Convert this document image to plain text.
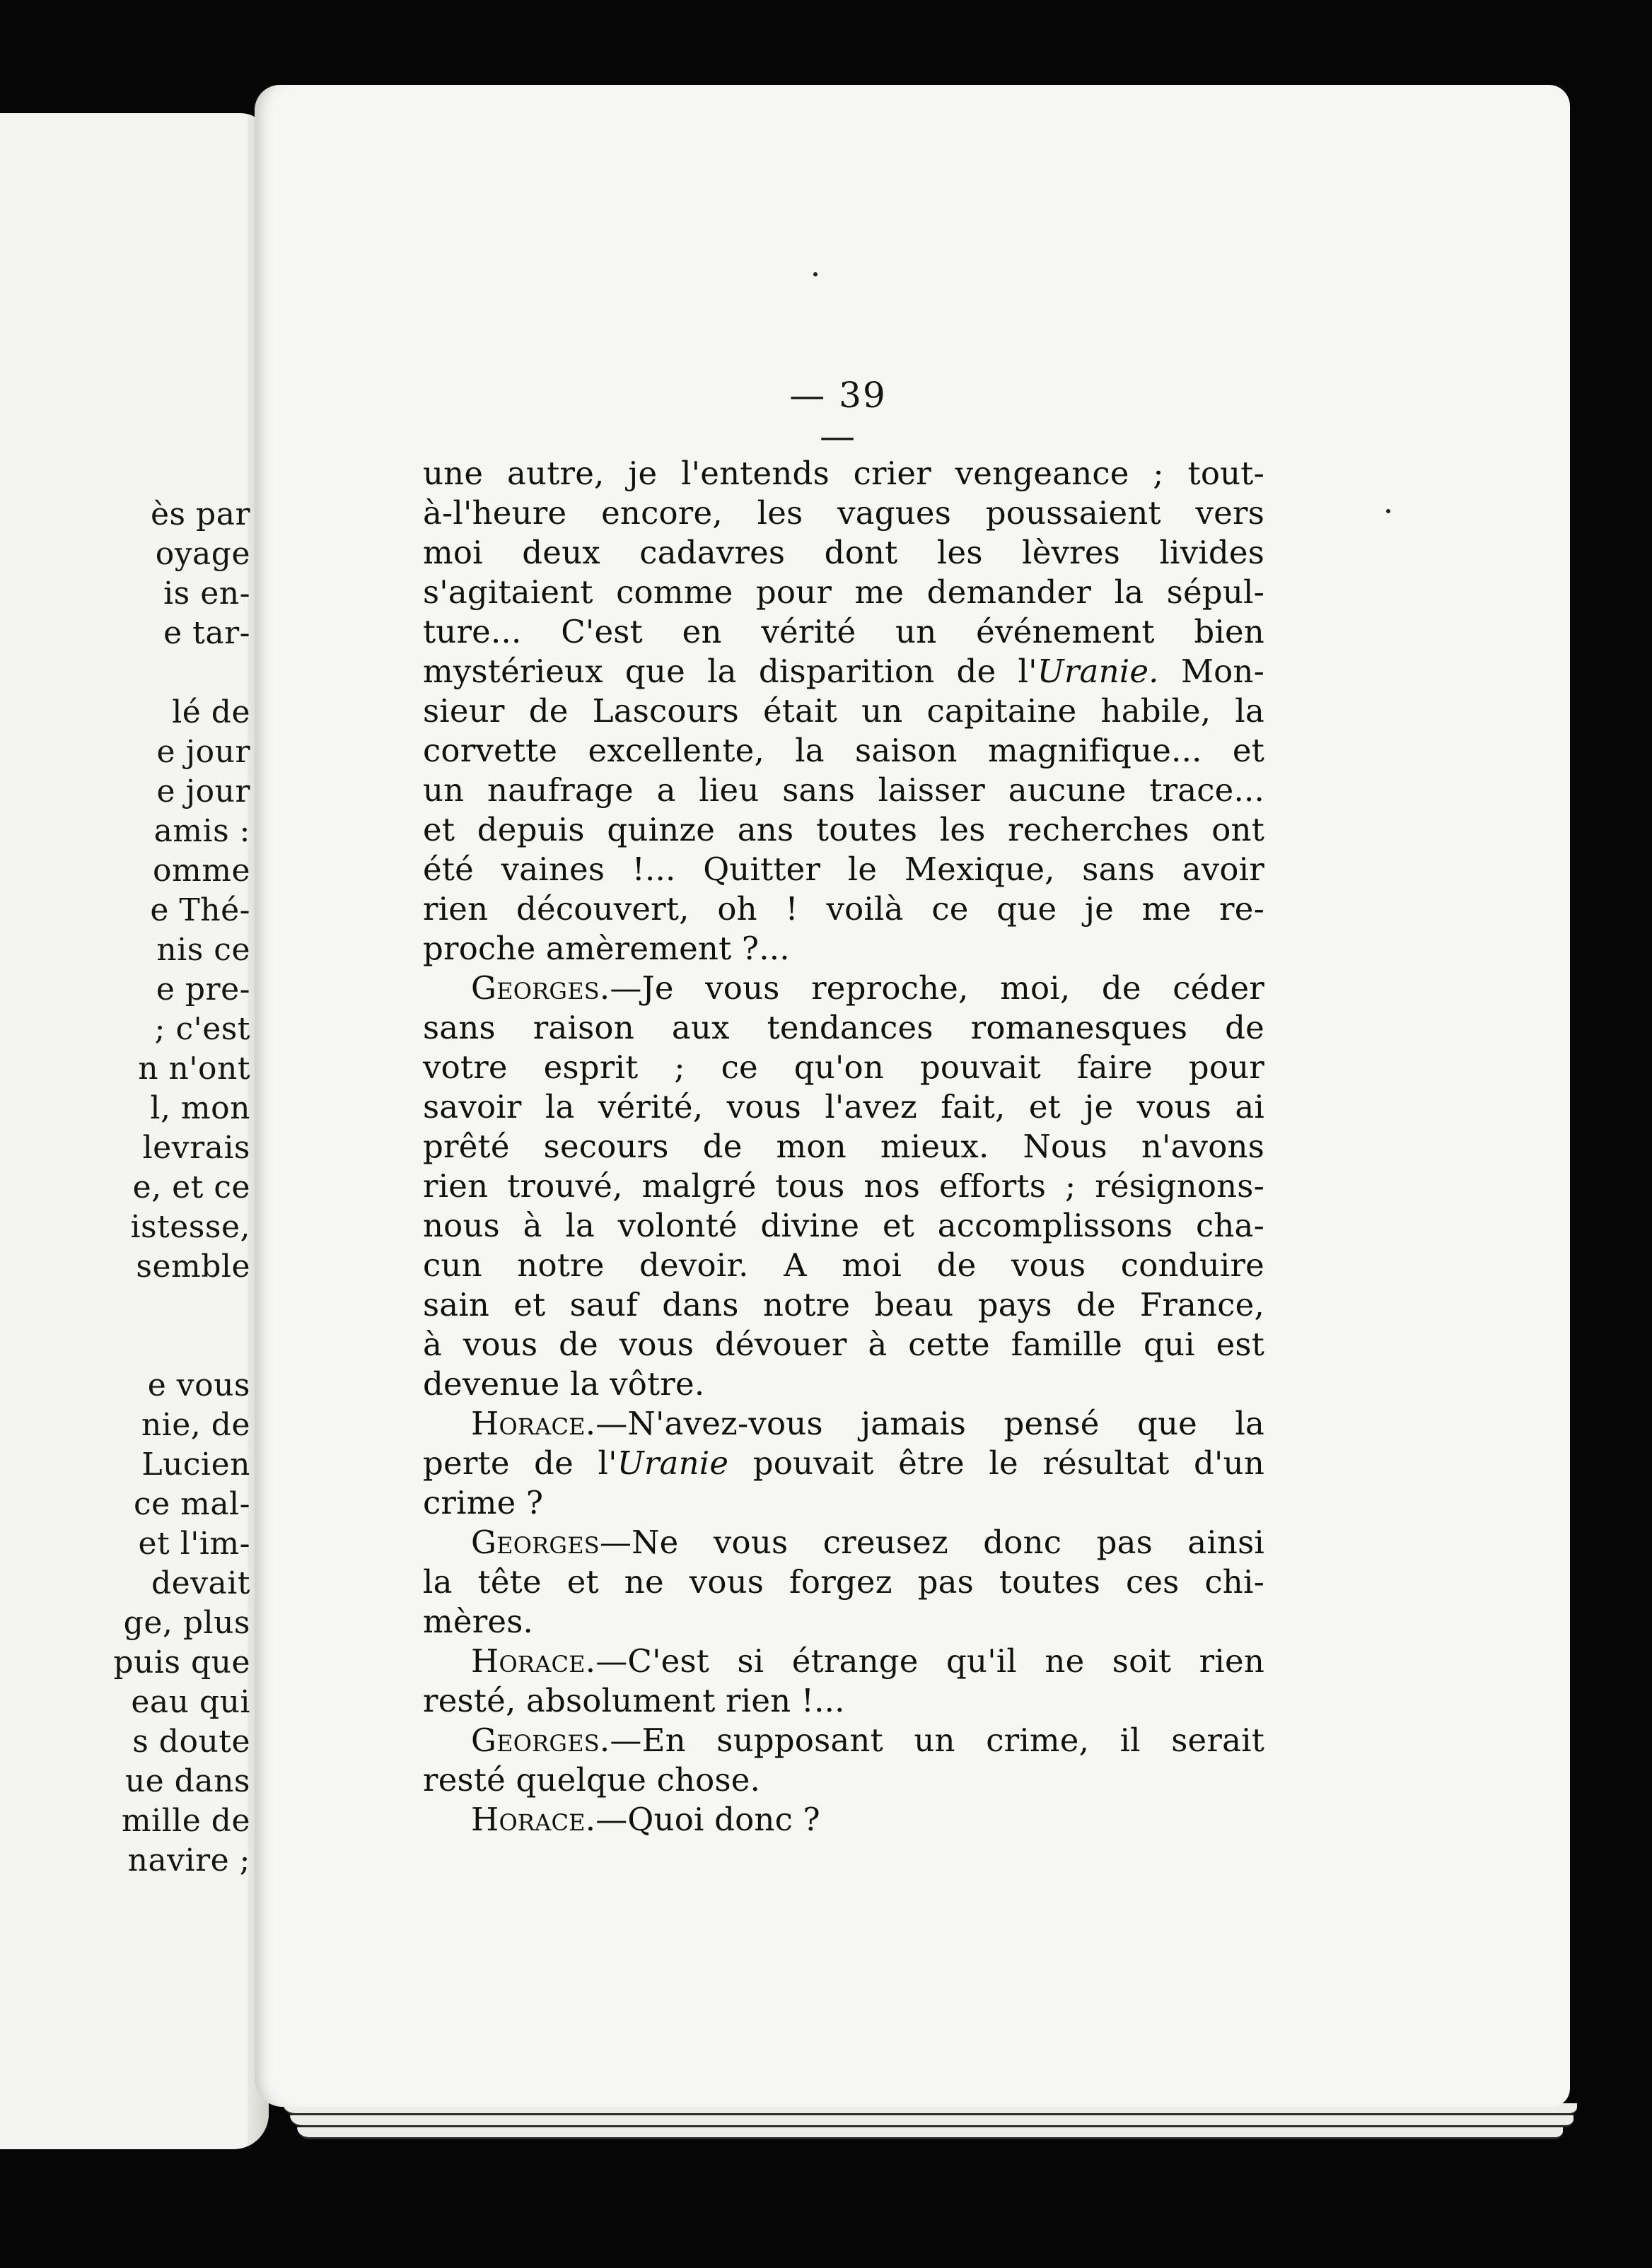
ès par
oyage
is en-
e tar-
lé de
e jour
e jour
amis :
omme
e Thé-
nis ce
e pre-
; c'est
n n'ont
l, mon
levrais
e, et ce
istesse,
semble
e vous
nie, de
Lucien
ce mal-
et l'im-
devait
ge, plus
puis que
eau qui
s doute
ue dans
mille de
navire ;
— 39 —
une autre, je l'entends crier vengeance ; tout-
à-l'heure encore, les vagues poussaient vers
moi deux cadavres dont les lèvres livides
s'agitaient comme pour me demander la sépul-
ture... C'est en vérité un événement bien
mystérieux que la disparition de l'Uranie. Mon-
sieur de Lascours était un capitaine habile, la
corvette excellente, la saison magnifique... et
un naufrage a lieu sans laisser aucune trace...
et depuis quinze ans toutes les recherches ont
été vaines !... Quitter le Mexique, sans avoir
rien découvert, oh ! voilà ce que je me re-
proche amèrement ?...
Georges.—Je vous reproche, moi, de céder
sans raison aux tendances romanesques de
votre esprit ; ce qu'on pouvait faire pour
savoir la vérité, vous l'avez fait, et je vous ai
prêté secours de mon mieux. Nous n'avons
rien trouvé, malgré tous nos efforts ; résignons-
nous à la volonté divine et accomplissons cha-
cun notre devoir. A moi de vous conduire
sain et sauf dans notre beau pays de France,
à vous de vous dévouer à cette famille qui est
devenue la vôtre.
Horace.—N'avez-vous jamais pensé que la
perte de l'Uranie pouvait être le résultat d'un
crime ?
Georges—Ne vous creusez donc pas ainsi
la tête et ne vous forgez pas toutes ces chi-
mères.
Horace.—C'est si étrange qu'il ne soit rien
resté, absolument rien !...
Georges.—En supposant un crime, il serait
resté quelque chose.
Horace.—Quoi donc ?
